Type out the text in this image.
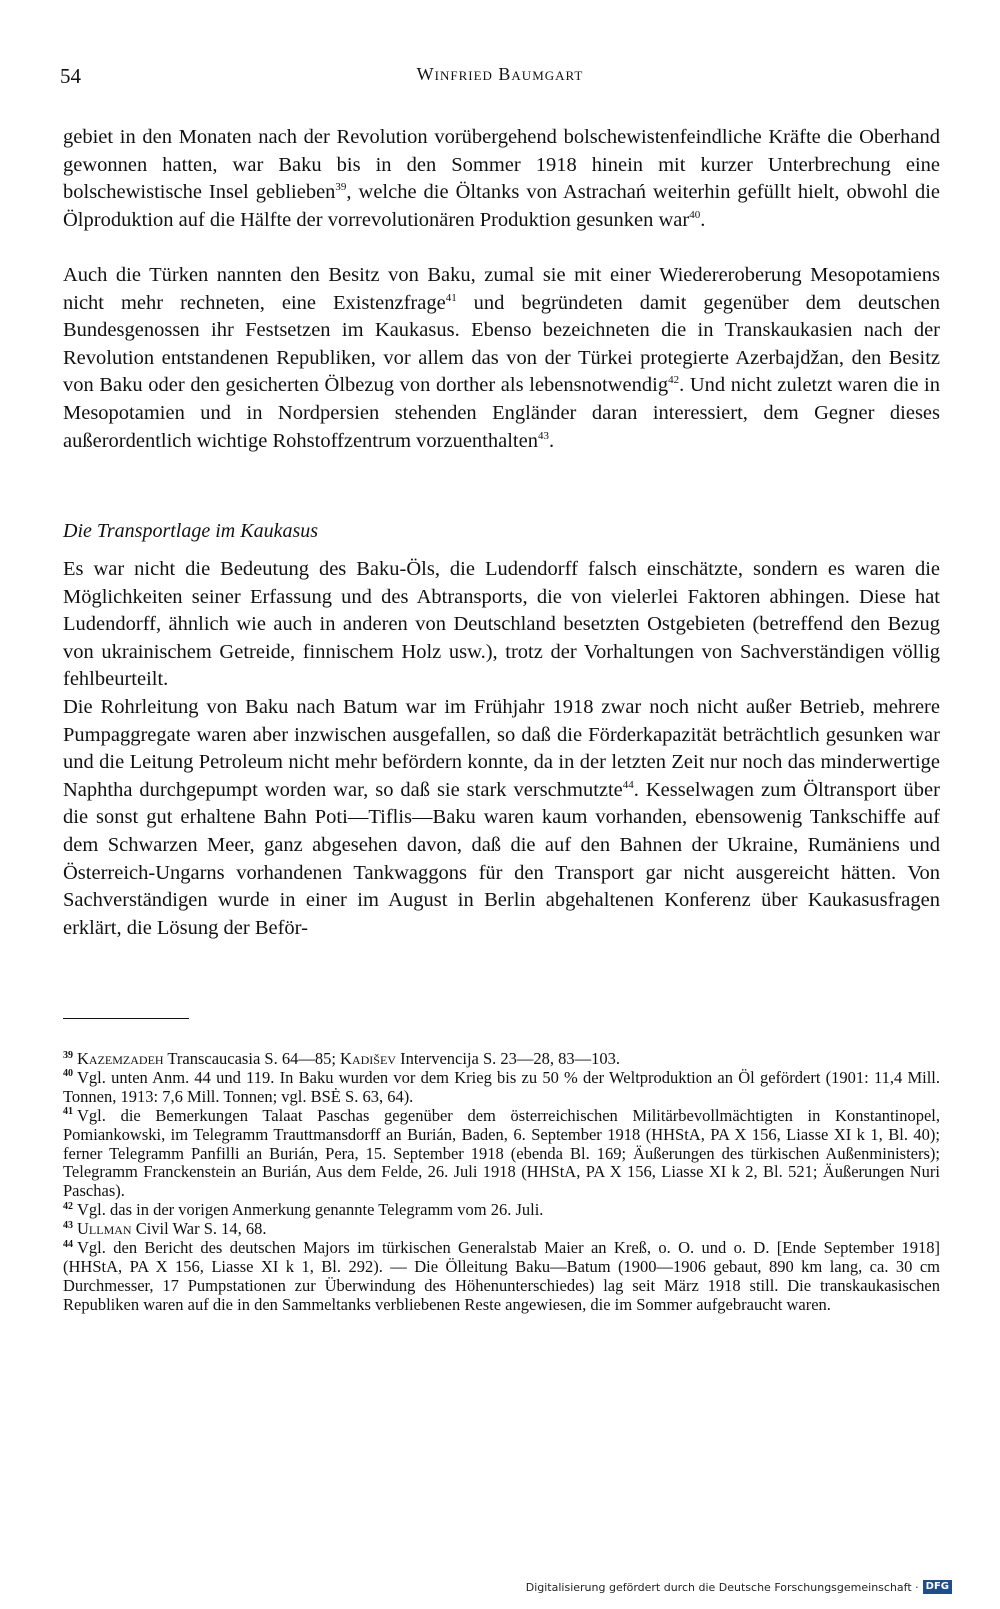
54	Winfried Baumgart

gebiet in den Monaten nach der Revolution vorübergehend bolschewistenfeindliche Kräfte die Oberhand gewonnen hatten, war Baku bis in den Sommer 1918 hinein mit kurzer Unterbrechung eine bolschewistische Insel geblieben$^{39}$, welche die Öltanks von Astrachań weiterhin gefüllt hielt, obwohl die Ölproduktion auf die Hälfte der vorrevolutionären Produktion gesunken war$^{40}$.

Auch die Türken nannten den Besitz von Baku, zumal sie mit einer Wiedereroberung Mesopotamiens nicht mehr rechneten, eine Existenzfrage$^{41}$ und begründeten damit gegenüber dem deutschen Bundesgenossen ihr Festsetzen im Kaukasus. Ebenso bezeichneten die in Transkaukasien nach der Revolution entstandenen Republiken, vor allem das von der Türkei protegierte Azerbajdžan, den Besitz von Baku oder den gesicherten Ölbezug von dorther als lebensnotwendig$^{42}$. Und nicht zuletzt waren die in Mesopotamien und in Nordpersien stehenden Engländer daran interessiert, dem Gegner dieses außerordentlich wichtige Rohstoffzentrum vorzuenthalten$^{43}$.

Die Transportlage im Kaukasus

Es war nicht die Bedeutung des Baku-Öls, die Ludendorff falsch einschätzte, sondern es waren die Möglichkeiten seiner Erfassung und des Abtransports, die von vielerlei Faktoren abhingen. Diese hat Ludendorff, ähnlich wie auch in anderen von Deutschland besetzten Ostgebieten (betreffend den Bezug von ukrainischem Getreide, finnischem Holz usw.), trotz der Vorhaltungen von Sachverständigen völlig fehlbeurteilt.

Die Rohrleitung von Baku nach Batum war im Frühjahr 1918 zwar noch nicht außer Betrieb, mehrere Pumpaggregate waren aber inzwischen ausgefallen, so daß die Förderkapazität beträchtlich gesunken war und die Leitung Petroleum nicht mehr befördern konnte, da in der letzten Zeit nur noch das minderwertige Naphtha durchgepumpt worden war, so daß sie stark verschmutzte$^{44}$. Kesselwagen zum Öltransport über die sonst gut erhaltene Bahn Poti—Tiflis—Baku waren kaum vorhanden, ebensowenig Tankschiffe auf dem Schwarzen Meer, ganz abgesehen davon, daß die auf den Bahnen der Ukraine, Rumäniens und Österreich-Ungarns vorhandenen Tankwaggons für den Transport gar nicht ausgereicht hätten. Von Sachverständigen wurde in einer im August in Berlin abgehaltenen Konferenz über Kaukasusfragen erklärt, die Lösung der Beför-

$^{39}$ Kazemzadeh Transcaucasia S. 64—85; Kadišev Intervencija S. 23—28, 83—103.

$^{40}$ Vgl. unten Anm. 44 und 119. In Baku wurden vor dem Krieg bis zu 50 % der Weltproduktion an Öl gefördert (1901: 11,4 Mill. Tonnen, 1913: 7,6 Mill. Tonnen; vgl. BSĖ S. 63, 64).

$^{41}$ Vgl. die Bemerkungen Talaat Paschas gegenüber dem österreichischen Militärbevollmächtigten in Konstantinopel, Pomiankowski, im Telegramm Trauttmansdorff an Burián, Baden, 6. September 1918 (HHStA, PA X 156, Liasse XI k 1, Bl. 40); ferner Telegramm Panfilli an Burián, Pera, 15. September 1918 (ebenda Bl. 169; Äußerungen des türkischen Außenministers); Telegramm Franckenstein an Burián, Aus dem Felde, 26. Juli 1918 (HHStA, PA X 156, Liasse XI k 2, Bl. 521; Äußerungen Nuri Paschas).

$^{42}$ Vgl. das in der vorigen Anmerkung genannte Telegramm vom 26. Juli.

$^{43}$ Ullman Civil War S. 14, 68.

$^{44}$ Vgl. den Bericht des deutschen Majors im türkischen Generalstab Maier an Kreß, o. O. und o. D. [Ende September 1918] (HHStA, PA X 156, Liasse XI k 1, Bl. 292). — Die Ölleitung Baku—Batum (1900—1906 gebaut, 890 km lang, ca. 30 cm Durchmesser, 17 Pumpstationen zur Überwindung des Höhenunterschiedes) lag seit März 1918 still. Die transkaukasischen Republiken waren auf die in den Sammeltanks verbliebenen Reste angewiesen, die im Sommer aufgebraucht waren.

Digitalisierung gefördert durch die Deutsche Forschungsgemeinschaft · DFG
